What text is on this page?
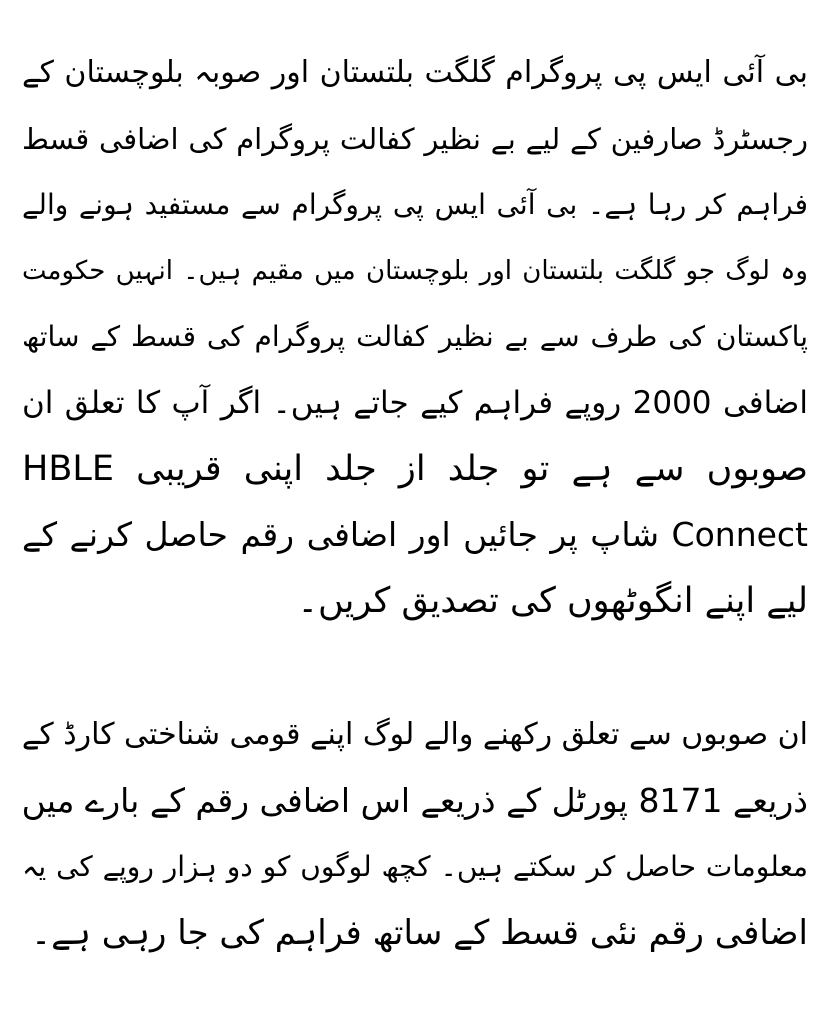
بی آئی ایس پی پروگرام گلگت بلتستان اور صوبہ بلوچستان کے
رجسٹرڈ صارفین کے لیے بے نظیر کفالت پروگرام کی اضافی قسط
فراہم کر رہا ہے۔ بی آئی ایس پی پروگرام سے مستفید ہونے والے
وہ لوگ جو گلگت بلتستان اور بلوچستان میں مقیم ہیں۔ انہیں حکومت
پاکستان کی طرف سے بے نظیر کفالت پروگرام کی قسط کے ساتھ
اضافی 2000 روپے فراہم کیے جاتے ہیں۔ اگر آپ کا تعلق ان
صوبوں سے ہے تو جلد از جلد اپنی قریبی HBLE
Connect شاپ پر جائیں اور اضافی رقم حاصل کرنے کے
لیے اپنے انگوٹھوں کی تصدیق کریں۔
ان صوبوں سے تعلق رکھنے والے لوگ اپنے قومی شناختی کارڈ کے
ذریعے 8171 پورٹل کے ذریعے اس اضافی رقم کے بارے میں
معلومات حاصل کر سکتے ہیں۔ کچھ لوگوں کو دو ہزار روپے کی یہ
اضافی رقم نئی قسط کے ساتھ فراہم کی جا رہی ہے۔
